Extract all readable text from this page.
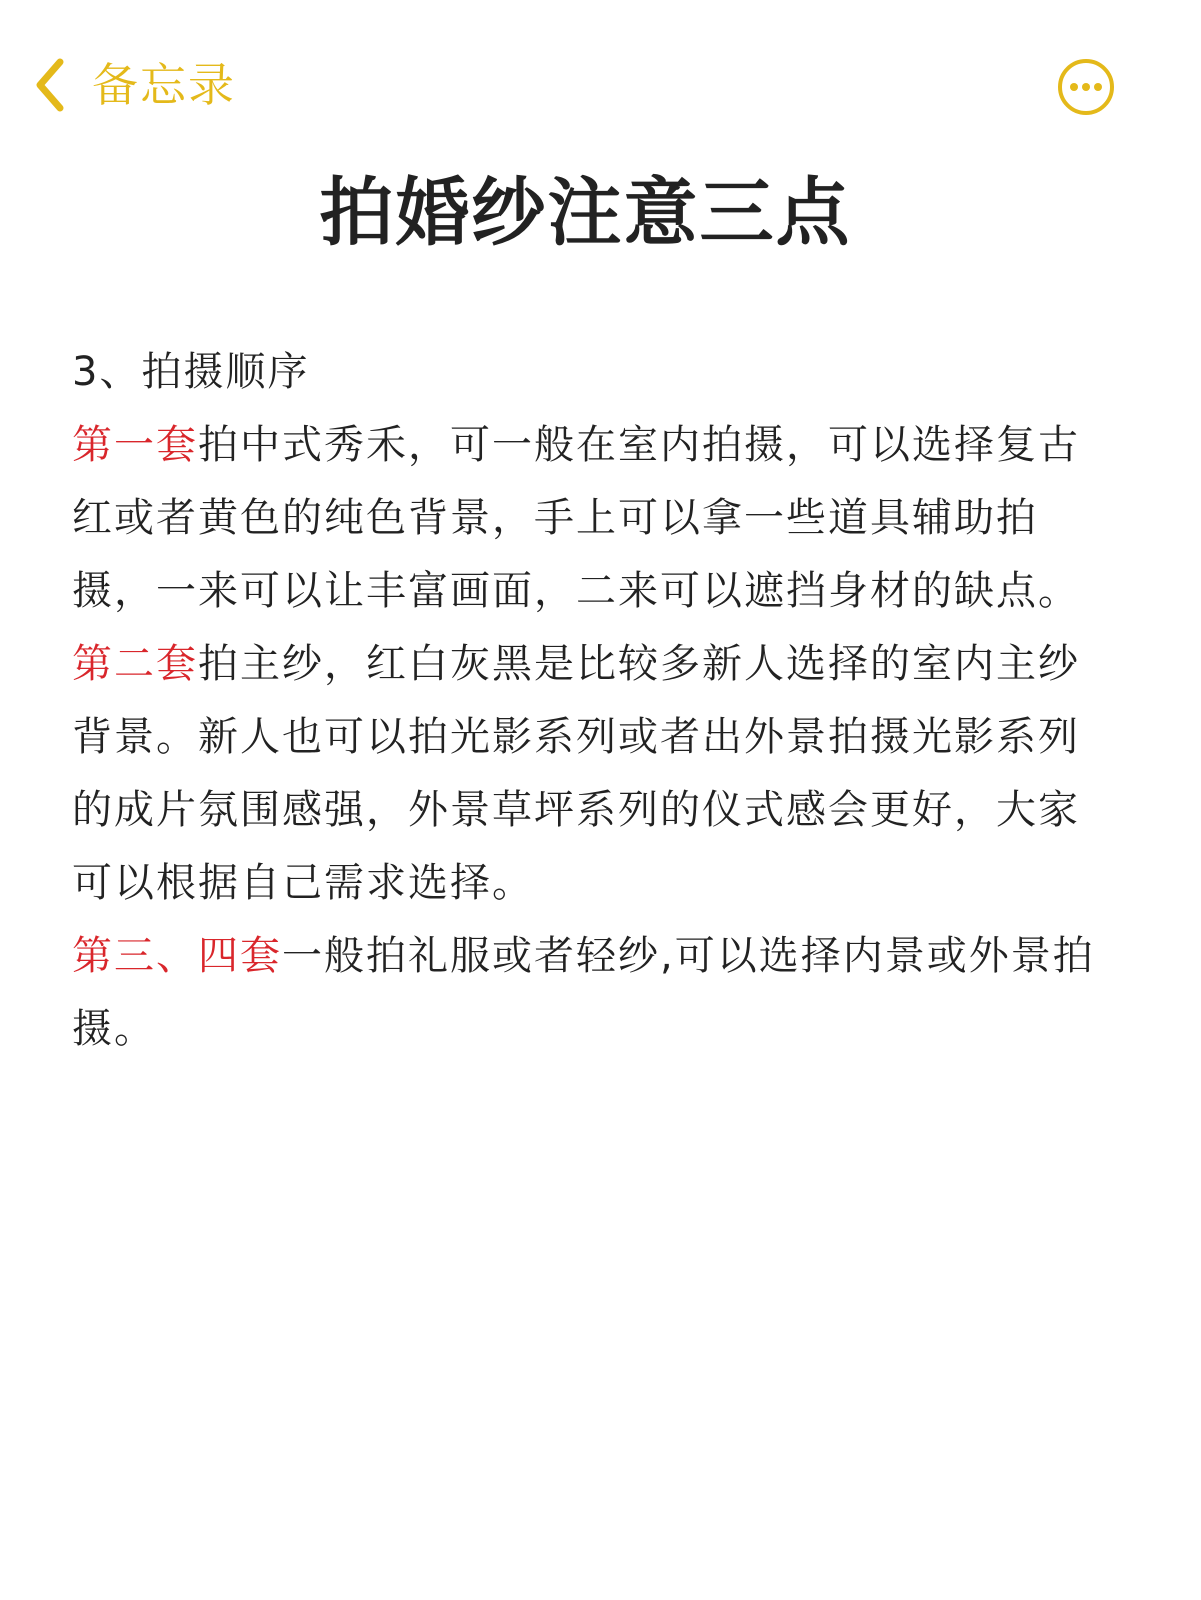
备忘录
拍婚纱注意三点
3、拍摄顺序
第一套拍中式秀禾，可一般在室内拍摄，可以选择复古红或者黄色的纯色背景，手上可以拿一些道具辅助拍摄，一来可以让丰富画面，二来可以遮挡身材的缺点。
第二套拍主纱，红白灰黑是比较多新人选择的室内主纱背景。新人也可以拍光影系列或者出外景拍摄光影系列的成片氛围感强，外景草坪系列的仪式感会更好，大家可以根据自己需求选择。
第三、四套一般拍礼服或者轻纱,可以选择内景或外景拍摄。
